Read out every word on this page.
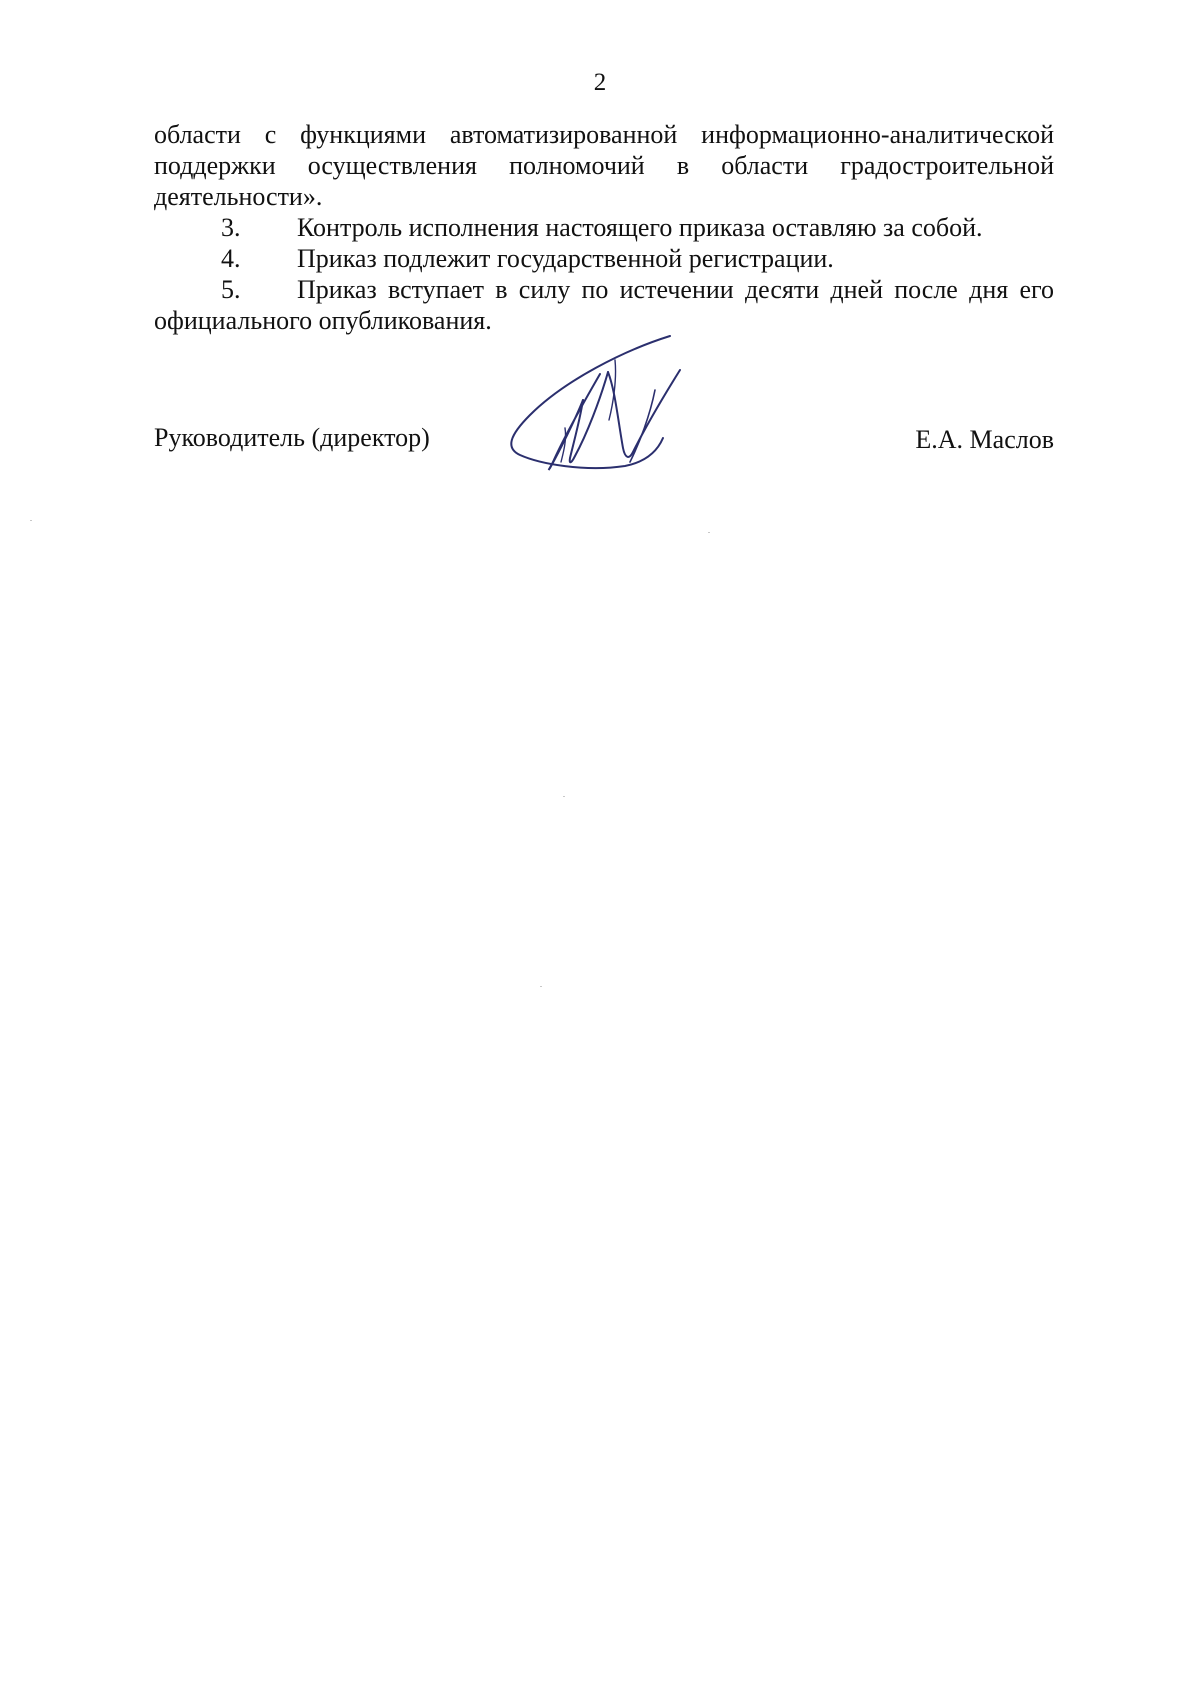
2
области с функциями автоматизированной информационно-аналитической
поддержки осуществления полномочий в области градостроительной
деятельности».
3.	Контроль исполнения настоящего приказа оставляю за собой.
4.	Приказ подлежит государственной регистрации.
5.	Приказ вступает в силу по истечении десяти дней после дня его
официального опубликования.
Руководитель (директор)	Е.А. Маслов
